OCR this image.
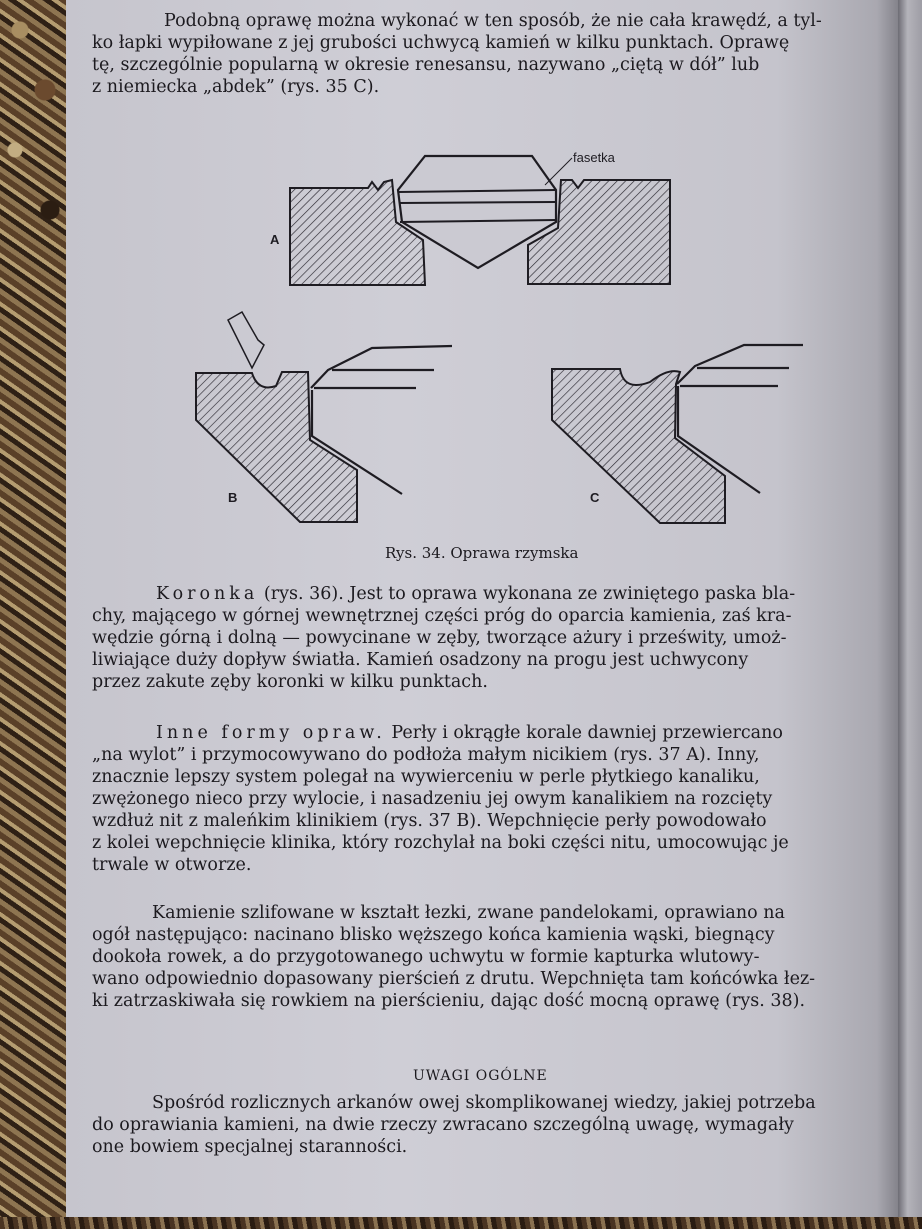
Podobną oprawę można wykonać w ten sposób, że nie cała krawędź, a tyl-
ko łapki wypiłowane z jej grubości uchwycą kamień w kilku punktach. Oprawę
tę, szczególnie popularną w okresie renesansu, nazywano „ciętą w dół” lub
z niemiecka „abdek” (rys. 35 C).

fasetka
A
B	C
Rys. 34. Oprawa rzymska

Koronka (rys. 36). Jest to oprawa wykonana ze zwiniętego paska bla-
chy, mającego w górnej wewnętrznej części próg do oparcia kamienia, zaś kra-
wędzie górną i dolną — powycinane w zęby, tworzące ażury i prześwity, umoż-
liwiające duży dopływ światła. Kamień osadzony na progu jest uchwycony
przez zakute zęby koronki w kilku punktach.

Inne formy opraw. Perły i okrągłe korale dawniej przewiercano
„na wylot” i przymocowywano do podłoża małym nicikiem (rys. 37 A). Inny,
znacznie lepszy system polegał na wywierceniu w perle płytkiego kanaliku,
zwężonego nieco przy wylocie, i nasadzeniu jej owym kanalikiem na rozcięty
wzdłuż nit z maleńkim klinikiem (rys. 37 B). Wepchnięcie perły powodowało
z kolei wepchnięcie klinika, który rozchylał na boki części nitu, umocowując je
trwale w otworze.

Kamienie szlifowane w kształt łezki, zwane pandelokami, oprawiano na
ogół następująco: nacinano blisko węższego końca kamienia wąski, biegnący
dookoła rowek, a do przygotowanego uchwytu w formie kapturka wlutowy-
wano odpowiednio dopasowany pierścień z drutu. Wepchnięta tam końcówka łez-
ki zatrzaskiwała się rowkiem na pierścieniu, dając dość mocną oprawę (rys. 38).

UWAGI OGÓLNE

Spośród rozlicznych arkanów owej skomplikowanej wiedzy, jakiej potrzeba
do oprawiania kamieni, na dwie rzeczy zwracano szczególną uwagę, wymagały
one bowiem specjalnej staranności.
